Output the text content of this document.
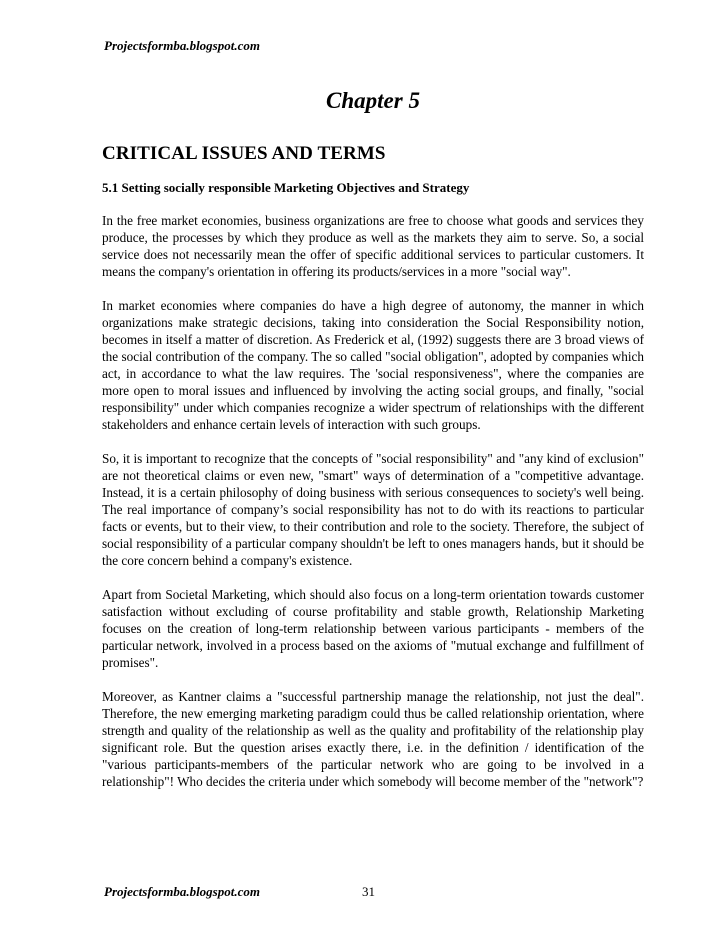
Projectsformba.blogspot.com
Chapter 5
CRITICAL ISSUES AND TERMS
5.1 Setting socially responsible Marketing Objectives and Strategy

In the free market economies, business organizations are free to choose what goods and services they produce, the processes by which they produce as well as the markets they aim to serve. So, a social service does not necessarily mean the offer of specific additional services to particular customers. It means the company's orientation in offering its products/services in a more "social way".

In market economies where companies do have a high degree of autonomy, the manner in which organizations make strategic decisions, taking into consideration the Social Responsibility notion, becomes in itself a matter of discretion. As Frederick et al, (1992) suggests there are 3 broad views of the social contribution of the company. The so called "social obligation", adopted by companies which act, in accordance to what the law requires. The 'social responsiveness", where the companies are more open to moral issues and influenced by involving the acting social groups, and finally, "social responsibility" under which companies recognize a wider spectrum of relationships with the different stakeholders and enhance certain levels of interaction with such groups.

So, it is important to recognize that the concepts of "social responsibility" and "any kind of exclusion" are not theoretical claims or even new, "smart" ways of determination of a "competitive advantage. Instead, it is a certain philosophy of doing business with serious consequences to society's well being. The real importance of company’s social responsibility has not to do with its reactions to particular facts or events, but to their view, to their contribution and role to the society. Therefore, the subject of social responsibility of a particular company shouldn't be left to ones managers hands, but it should be the core concern behind a company's existence.

Apart from Societal Marketing, which should also focus on a long-term orientation towards customer satisfaction without excluding of course profitability and stable growth, Relationship Marketing focuses on the creation of long-term relationship between various participants - members of the particular network, involved in a process based on the axioms of "mutual exchange and fulfillment of promises".

Moreover, as Kantner claims a "successful partnership manage the relationship, not just the deal". Therefore, the new emerging marketing paradigm could thus be called relationship orientation, where strength and quality of the relationship as well as the quality and profitability of the relationship play significant role. But the question arises exactly there, i.e. in the definition / identification of the "various participants-members of the particular network who are going to be involved in a relationship"! Who decides the criteria under which somebody will become member of the "network"?

Projectsformba.blogspot.com	31
